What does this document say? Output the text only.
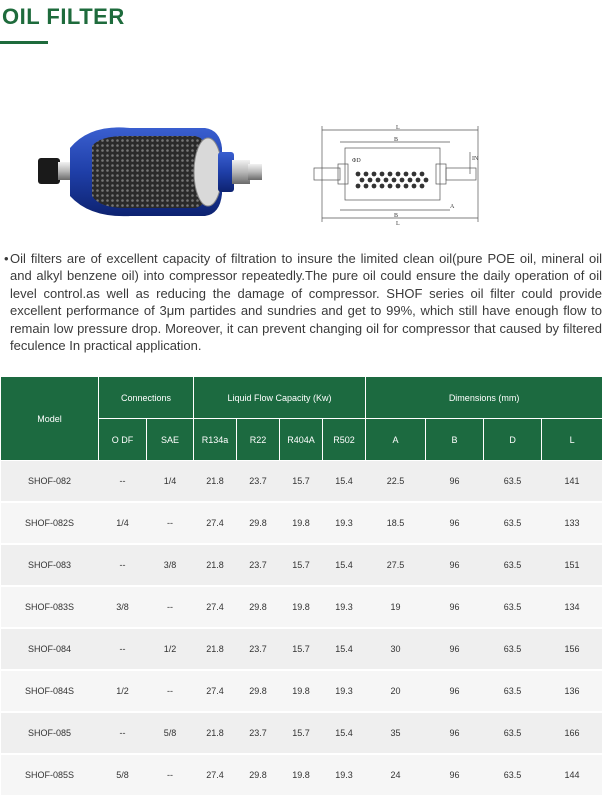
OIL FILTER
L
B
A
B
L
IN
ΦD
• Oil filters are of excellent capacity of filtration to insure the limited clean oil(pure POE oil, mineral oil and alkyl benzene oil) into compressor repeatedly.The pure oil could ensure the daily operation of oil level control.as well as reducing the damage of compressor. SHOF series oil filter could provide excellent performance of 3μm partides and sundries and get to 99%, which still have enough flow to remain low pressure drop. Moreover, it can prevent changing oil for compressor that caused by filtered feculence In practical application.

Model	Connections		Liquid Flow Capacity (Kw)				Dimensions (mm)			
	O DF	SAE	R134a	R22	R404A	R502	A	B	D	L
SHOF-082	--	1/4	21.8	23.7	15.7	15.4	22.5	96	63.5	141
SHOF-082S	1/4	--	27.4	29.8	19.8	19.3	18.5	96	63.5	133
SHOF-083	--	3/8	21.8	23.7	15.7	15.4	27.5	96	63.5	151
SHOF-083S	3/8	--	27.4	29.8	19.8	19.3	19	96	63.5	134
SHOF-084	--	1/2	21.8	23.7	15.7	15.4	30	96	63.5	156
SHOF-084S	1/2	--	27.4	29.8	19.8	19.3	20	96	63.5	136
SHOF-085	--	5/8	21.8	23.7	15.7	15.4	35	96	63.5	166
SHOF-085S	5/8	--	27.4	29.8	19.8	19.3	24	96	63.5	144
